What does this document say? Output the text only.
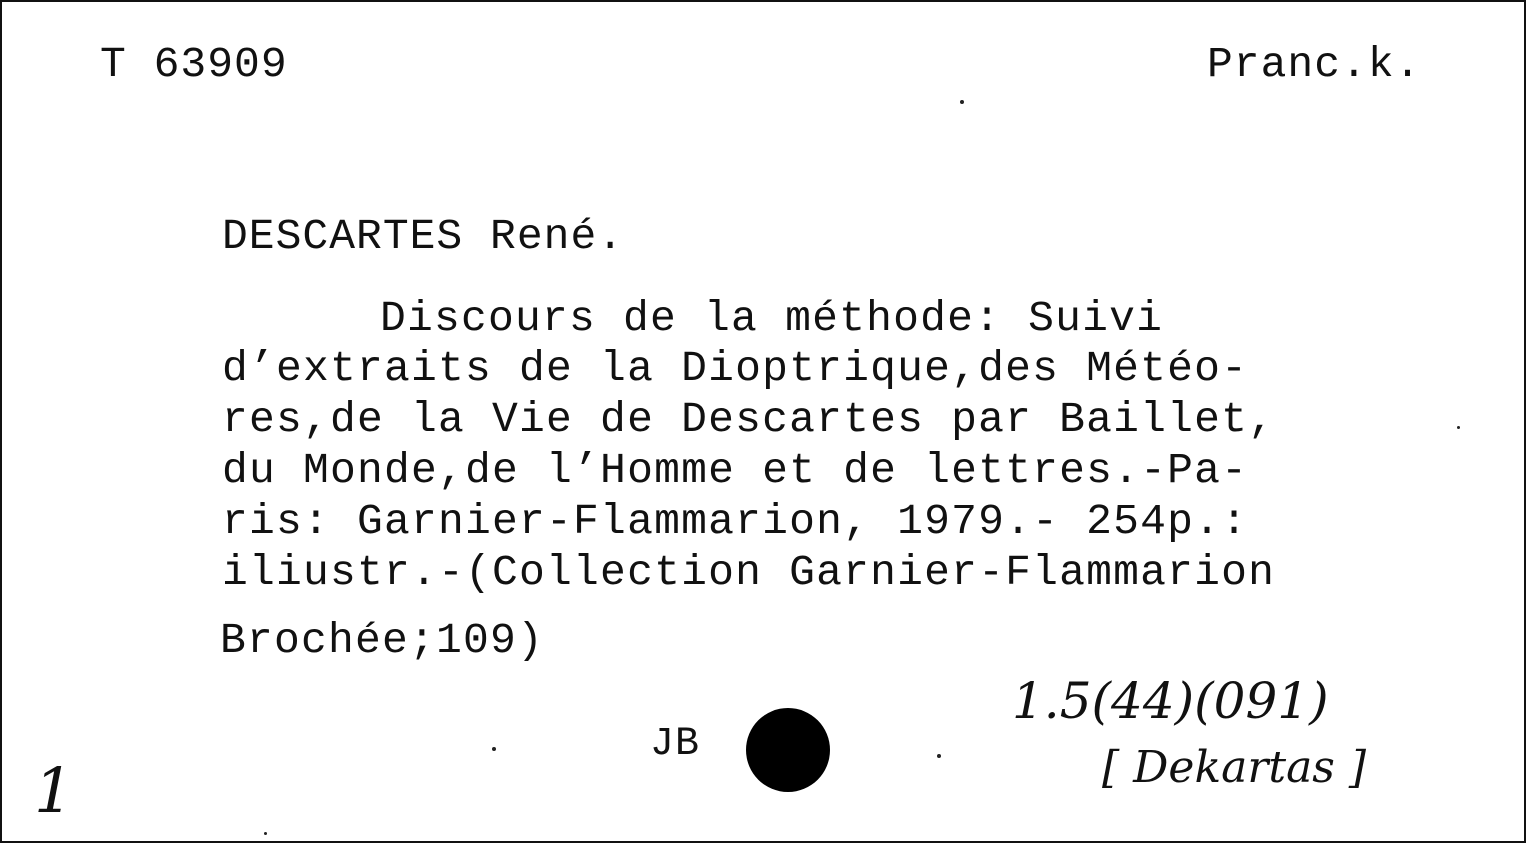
T 63909	Pranc.k.
DESCARTES René.
Discours de la méthode: Suivi
d’extraits de la Dioptrique,des Météo-
res,de la Vie de Descartes par Baillet,
du Monde,de l’Homme et de lettres.-Pa-
ris: Garnier-Flammarion, 1979.- 254p.:
iliustr.-(Collection Garnier-Flammarion
Brochée;109)
JB
1.5(44)(091)
[ Dekartas ]
1
